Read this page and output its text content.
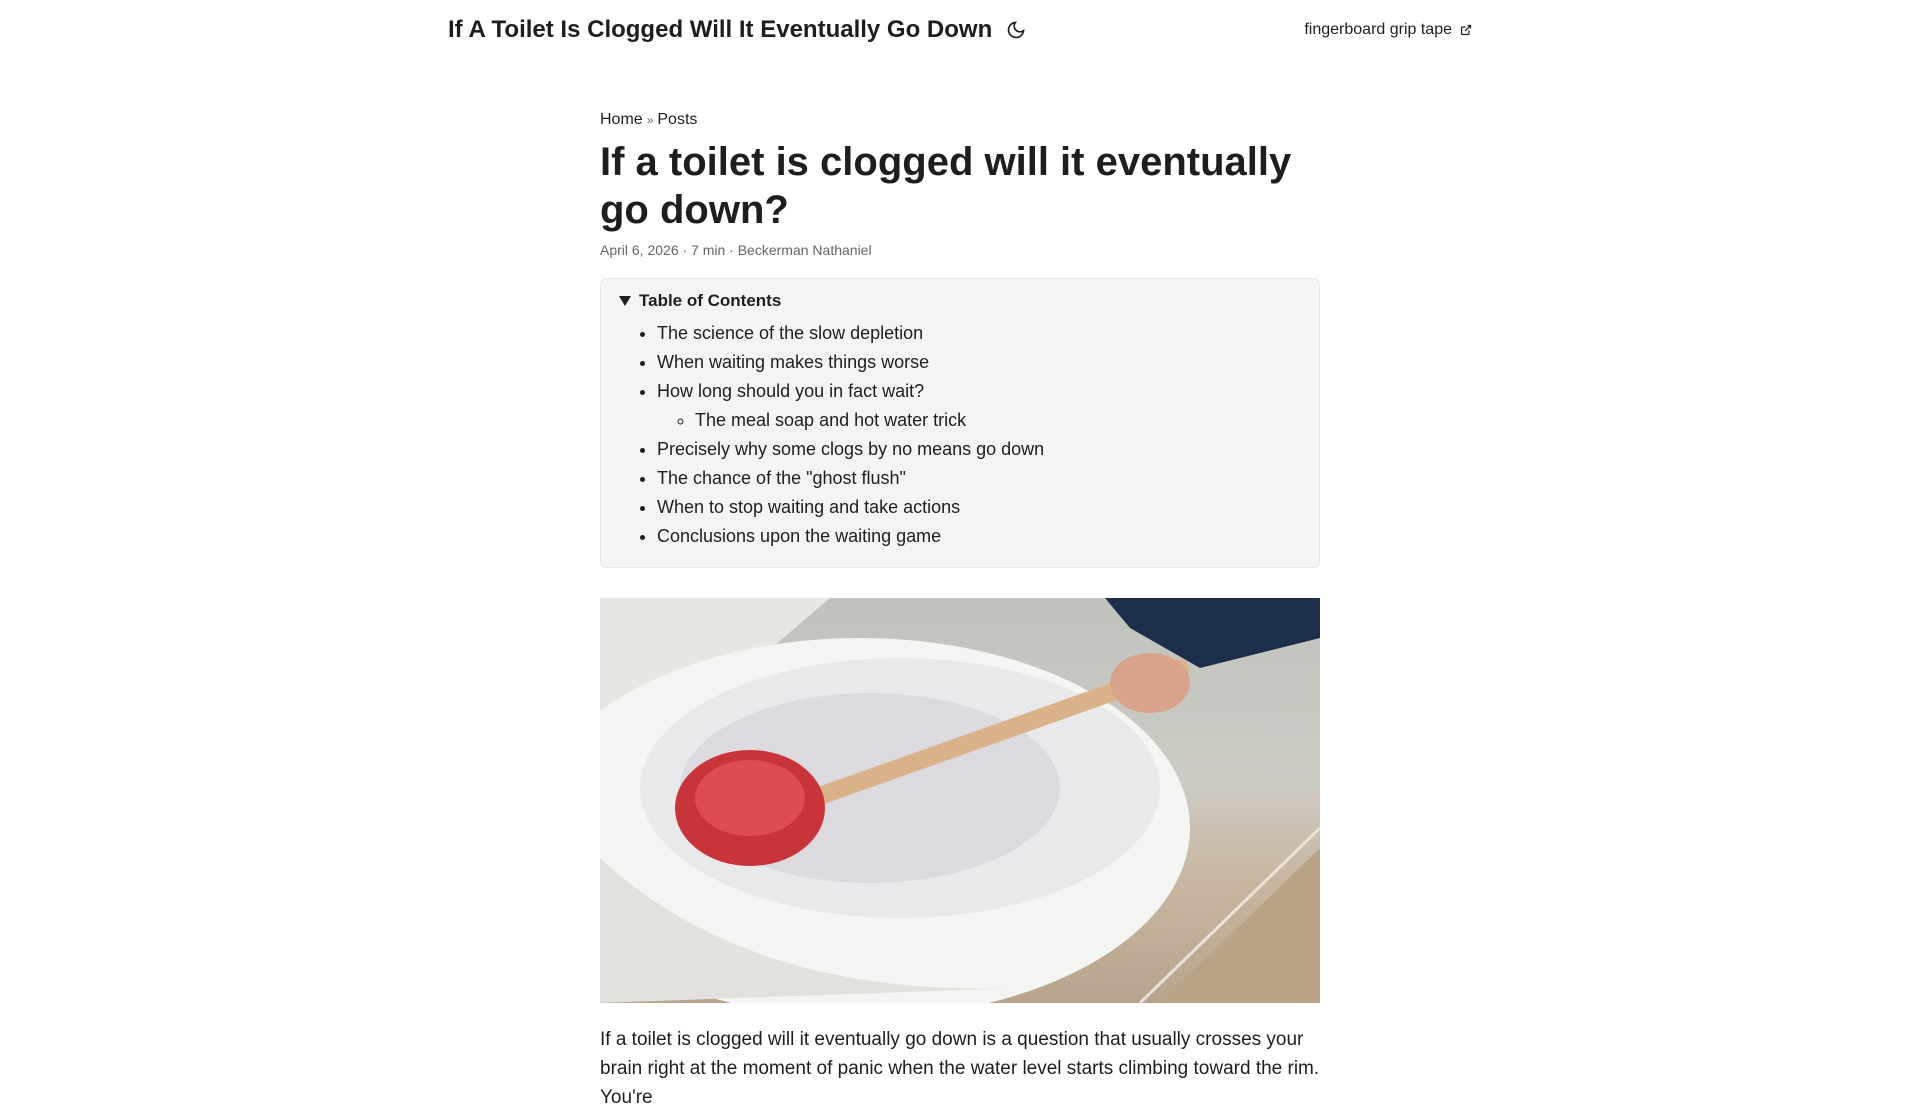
If A Toilet Is Clogged Will It Eventually Go Down	fingerboard grip tape
Home » Posts
If a toilet is clogged will it eventually go down?
April 6, 2026 · 7 min · Beckerman Nathaniel
Table of Contents
• The science of the slow depletion
• When waiting makes things worse
• How long should you in fact wait?
◦ The meal soap and hot water trick
• Precisely why some clogs by no means go down
• The chance of the "ghost flush"
• When to stop waiting and take actions
• Conclusions upon the waiting game

If a toilet is clogged will it eventually go down is a question that usually crosses your brain right at the moment of panic when the water level starts climbing toward the rim. You're
